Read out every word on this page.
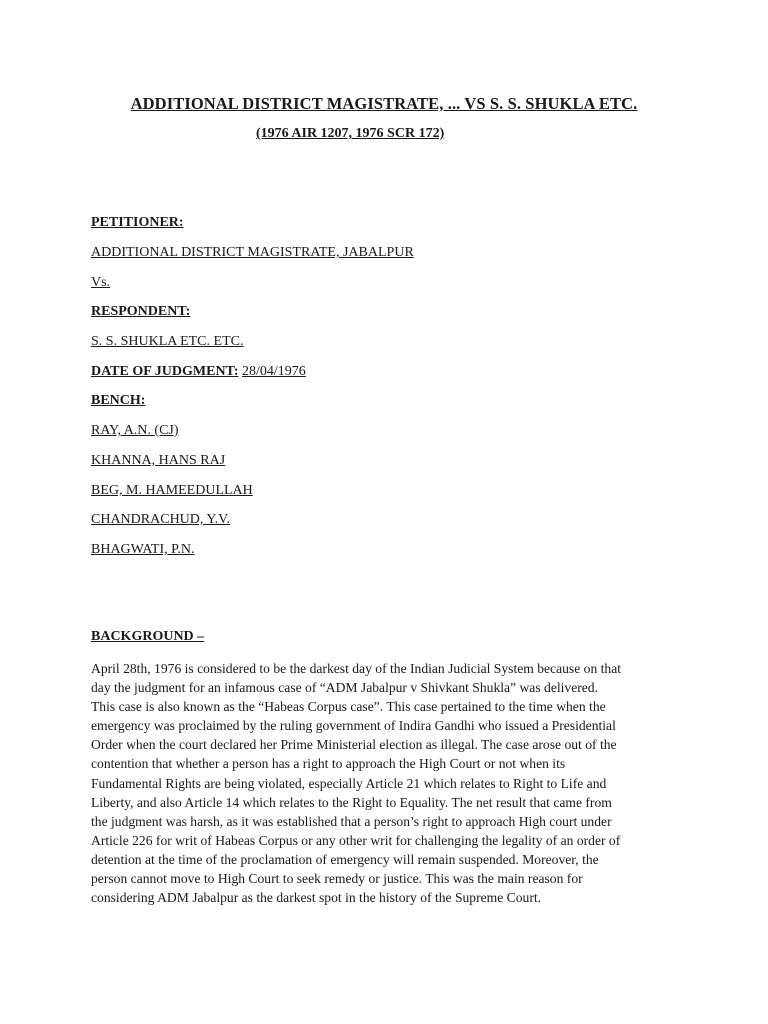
ADDITIONAL DISTRICT MAGISTRATE, ... VS S. S. SHUKLA ETC.
(1976 AIR 1207, 1976 SCR 172)
PETITIONER:
ADDITIONAL DISTRICT MAGISTRATE, JABALPUR
Vs.
RESPONDENT:
S. S. SHUKLA ETC. ETC.
DATE OF JUDGMENT: 28/04/1976
BENCH:
RAY, A.N. (CJ)
KHANNA, HANS RAJ
BEG, M. HAMEEDULLAH
CHANDRACHUD, Y.V.
BHAGWATI, P.N.
BACKGROUND –
April 28th, 1976 is considered to be the darkest day of the Indian Judicial System because on that
day the judgment for an infamous case of “ADM Jabalpur v Shivkant Shukla” was delivered.
This case is also known as the “Habeas Corpus case”. This case pertained to the time when the
emergency was proclaimed by the ruling government of Indira Gandhi who issued a Presidential
Order when the court declared her Prime Ministerial election as illegal. The case arose out of the
contention that whether a person has a right to approach the High Court or not when its
Fundamental Rights are being violated, especially Article 21 which relates to Right to Life and
Liberty, and also Article 14 which relates to the Right to Equality. The net result that came from
the judgment was harsh, as it was established that a person’s right to approach High court under
Article 226 for writ of Habeas Corpus or any other writ for challenging the legality of an order of
detention at the time of the proclamation of emergency will remain suspended. Moreover, the
person cannot move to High Court to seek remedy or justice. This was the main reason for
considering ADM Jabalpur as the darkest spot in the history of the Supreme Court.
